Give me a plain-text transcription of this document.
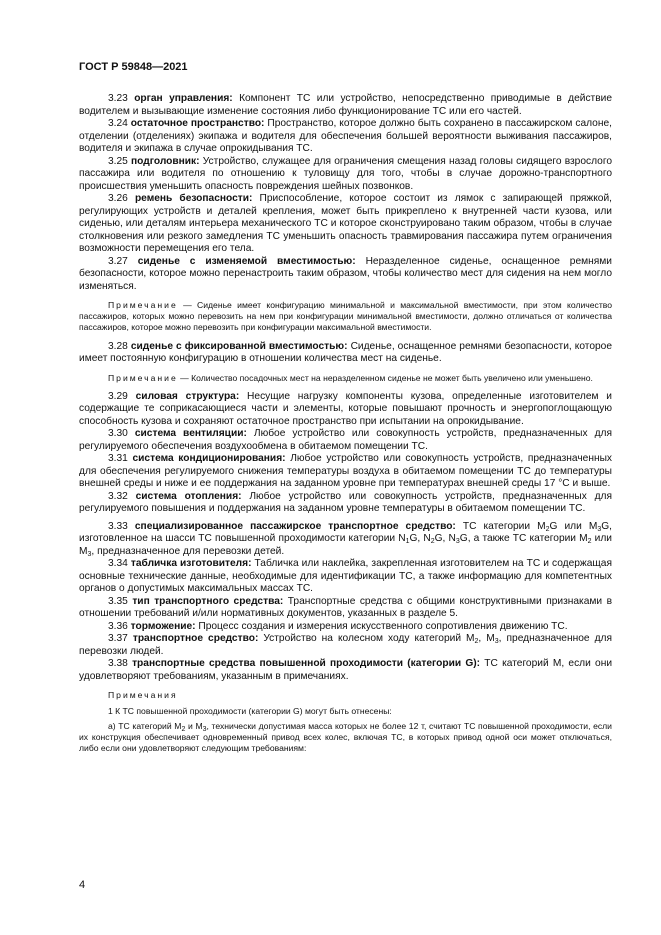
ГОСТ Р 59848—2021

3.23 орган управления: Компонент ТС или устройство, непосредственно приводимые в действие водителем и вызывающие изменение состояния либо функционирование ТС или его частей.

3.24 остаточное пространство: Пространство, которое должно быть сохранено в пассажирском салоне, отделении (отделениях) экипажа и водителя для обеспечения большей вероятности выживания пассажиров, водителя и экипажа в случае опрокидывания ТС.

3.25 подголовник: Устройство, служащее для ограничения смещения назад головы сидящего взрослого пассажира или водителя по отношению к туловищу для того, чтобы в случае дорожно-транспортного происшествия уменьшить опасность повреждения шейных позвонков.

3.26 ремень безопасности: Приспособление, которое состоит из лямок с запирающей пряжкой, регулирующих устройств и деталей крепления, может быть прикреплено к внутренней части кузова, или сиденью, или деталям интерьера механического ТС и которое сконструировано таким образом, чтобы в случае столкновения или резкого замедления ТС уменьшить опасность травмирования пассажира путем ограничения возможности перемещения его тела.

3.27 сиденье с изменяемой вместимостью: Неразделенное сиденье, оснащенное ремнями безопасности, которое можно перенастроить таким образом, чтобы количество мест для сидения на нем могло изменяться.

Примечание — Сиденье имеет конфигурацию минимальной и максимальной вместимости, при этом количество пассажиров, которых можно перевозить на нем при конфигурации минимальной вместимости, должно отличаться от количества пассажиров, которое можно перевозить при конфигурации максимальной вместимости.

3.28 сиденье с фиксированной вместимостью: Сиденье, оснащенное ремнями безопасности, которое имеет постоянную конфигурацию в отношении количества мест на сиденье.

Примечание — Количество посадочных мест на неразделенном сиденье не может быть увеличено или уменьшено.

3.29 силовая структура: Несущие нагрузку компоненты кузова, определенные изготовителем и содержащие те соприкасающиеся части и элементы, которые повышают прочность и энергопоглощающую способность кузова и сохраняют остаточное пространство при испытании на опрокидывание.

3.30 система вентиляции: Любое устройство или совокупность устройств, предназначенных для регулируемого обеспечения воздухообмена в обитаемом помещении ТС.

3.31 система кондиционирования: Любое устройство или совокупность устройств, предназначенных для обеспечения регулируемого снижения температуры воздуха в обитаемом помещении ТС до температуры внешней среды и ниже и ее поддержания на заданном уровне при температурах внешней среды 17 °С и выше.

3.32 система отопления: Любое устройство или совокупность устройств, предназначенных для регулируемого повышения и поддержания на заданном уровне температуры в обитаемом помещении ТС.

3.33 специализированное пассажирское транспортное средство: ТС категории $M_2G$ или $M_3G$, изготовленное на шасси ТС повышенной проходимости категории $N_1G$, $N_2G$, $N_3G$, а также ТС категории $M_2$ или $M_3$, предназначенное для перевозки детей.

3.34 табличка изготовителя: Табличка или наклейка, закрепленная изготовителем на ТС и содержащая основные технические данные, необходимые для идентификации ТС, а также информацию для компетентных органов о допустимых максимальных массах ТС.

3.35 тип транспортного средства: Транспортные средства с общими конструктивными признаками в отношении требований и/или нормативных документов, указанных в разделе 5.

3.36 торможение: Процесс создания и измерения искусственного сопротивления движению ТС.

3.37 транспортное средство: Устройство на колесном ходу категорий $M_2$, $M_3$, предназначенное для перевозки людей.

3.38 транспортные средства повышенной проходимости (категории G): ТС категорий M, если они удовлетворяют требованиям, указанным в примечаниях.

Примечания

1 К ТС повышенной проходимости (категории G) могут быть отнесены:

а) ТС категорий $M_2$ и $M_3$, технически допустимая масса которых не более 12 т, считают ТС повышенной проходимости, если их конструкция обеспечивает одновременный привод всех колес, включая ТС, в которых привод одной оси может отключаться, либо если они удовлетворяют следующим требованиям:

4
